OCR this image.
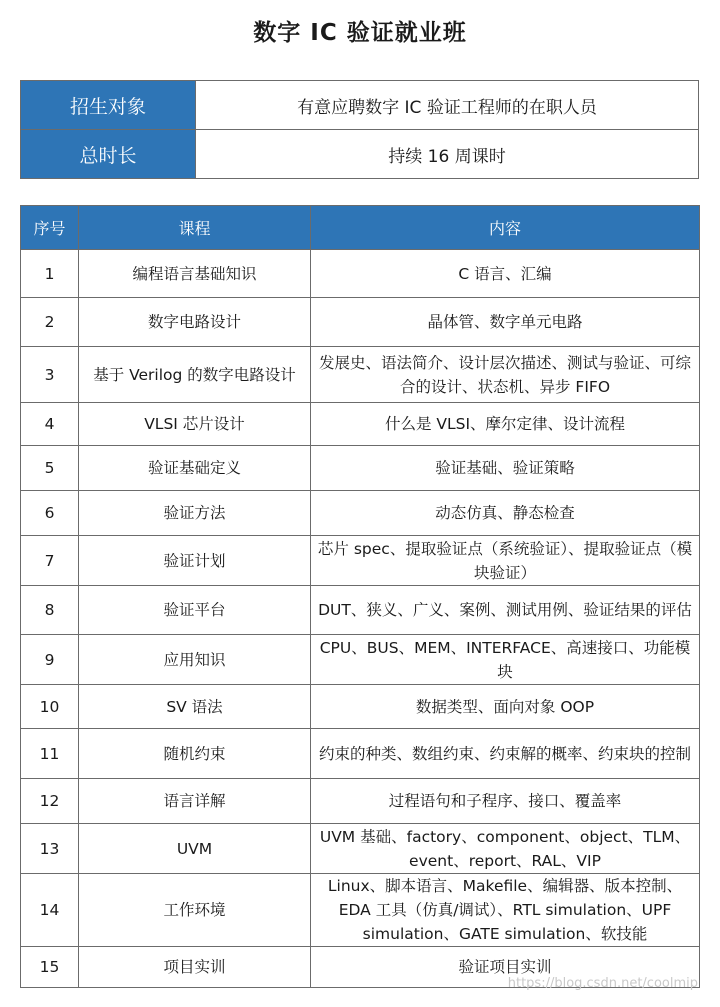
数字 IC 验证就业班
招生对象	有意应聘数字 IC 验证工程师的在职人员
总时长	持续 16 周课时
序号	课程	内容
1	编程语言基础知识	C 语言、汇编
2	数字电路设计	晶体管、数字单元电路
3	基于 Verilog 的数字电路设计	发展史、语法简介、设计层次描述、测试与验证、可综合的设计、状态机、异步 FIFO
4	VLSI 芯片设计	什么是 VLSI、摩尔定律、设计流程
5	验证基础定义	验证基础、验证策略
6	验证方法	动态仿真、静态检查
7	验证计划	芯片 spec、提取验证点（系统验证）、提取验证点（模块验证）
8	验证平台	DUT、狭义、广义、案例、测试用例、验证结果的评估
9	应用知识	CPU、BUS、MEM、INTERFACE、高速接口、功能模块
10	SV 语法	数据类型、面向对象 OOP
11	随机约束	约束的种类、数组约束、约束解的概率、约束块的控制
12	语言详解	过程语句和子程序、接口、覆盖率
13	UVM	UVM 基础、factory、component、object、TLM、event、report、RAL、VIP
14	工作环境	Linux、脚本语言、Makefile、编辑器、版本控制、EDA 工具（仿真/调试）、RTL simulation、UPF simulation、GATE simulation、软技能
15	项目实训	验证项目实训
https://blog.csdn.net/coolmip
